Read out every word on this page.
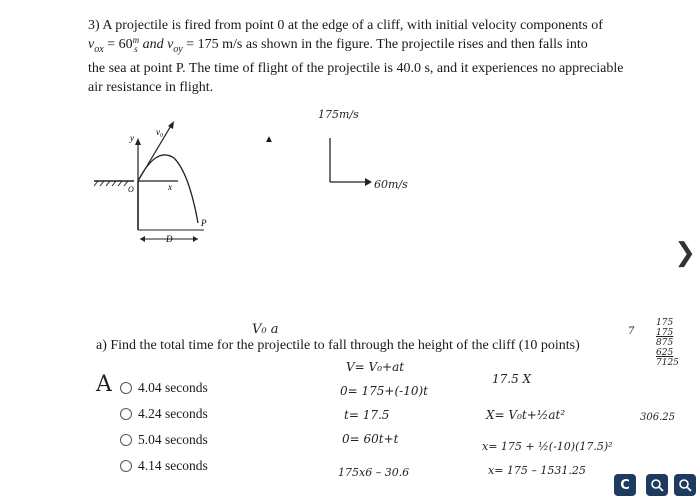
3) A projectile is fired from point 0 at the edge of a cliff, with initial velocity components of
$v_{ox} = 60$ m
s and $v_{oy} = 175$ m/s as shown in the figure. The projectile rises and then falls into
the sea at point P. The time of flight of the projectile is 40.0 s, and it experiences no appreciable
air resistance in flight.
y
v₀
x
O
P
D
175m/s
60m/s
▲
V₀ a

a) Find the total time for the projectile to fall through the height of the cliff (10 points)

A 4.04 seconds
4.24 seconds
5.04 seconds
4.14 seconds
V= V₀+at
0= 175+(-10)t
t= 17.5
0= 60t+t
175x6 – 30.6
17.5 X
X= V₀t+½at²
x= 175 + ½(-10)(17.5)²
x= 175 – 1531.25
7
175
175
875
625
7125
306.25
❯
C
